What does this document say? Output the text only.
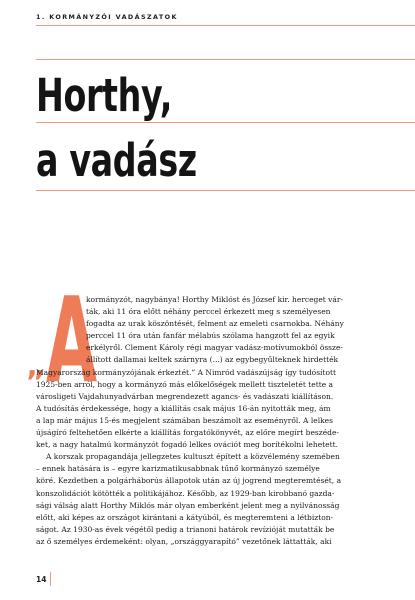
1. KORMÁNYZÓI VADÁSZATOK
Horthy,
a vadász
A
„
kormányzót, nagybánya! Horthy Miklóst és József kir. herceget vár-
ták, aki 11 óra előtt néhány perccel érkezett meg s személyesen
fogadta az urak köszöntését, felment az emeleti csarnokba. Néhány
perccel 11 óra után fanfár mélabús szólama hangzott fel az egyik
erkélyről. Clement Károly régi magyar vadász-motívumokból össze-
állított dallamai keltek szárnyra (...) az egybegyűlteknek hirdették
Magyarország kormányzójának érkeztét.” A Nimród vadászújság így tudósított
1925-ben arról, hogy a kormányzó más előkelőségek mellett tiszteletét tette a
városligeti Vajdahunyadvárban megrendezett agancs- és vadászati kiállításon.
A tudósítás érdekessége, hogy a kiállítás csak május 16-án nyitották meg, ám
a lap már május 15-és megjelent számában beszámolt az eseményről. A lelkes
újságíró feltehetően elkérte a kiállítás forgatókönyvét, az előre megírt beszéde-
ket, a nagy hatalmú kormányzót fogadó lelkes ovációt meg borítékolni lehetett.
A korszak propagandája jellegzetes kultuszt épített a közvélemény szemében
– ennek hatására is – egyre karizmatikusabbnak tűnő kormányzó személye
köré. Kezdetben a polgárháborús állapotok után az új jogrend megteremtését, a
konszolidációt kötötték a politikájához. Később, az 1929-ban kirobbanó gazda-
sági válság alatt Horthy Miklós már olyan emberként jelent meg a nyilvánosság
előtt, aki képes az országot kirántani a kátyúból, és megteremteni a létbizton-
ságot. Az 1930-as évek végétől pedig a trianoni határok revízióját mutatták be
az ő személyes érdemeként: olyan, „országgyarapító” vezetőnek láttatták, aki
14
